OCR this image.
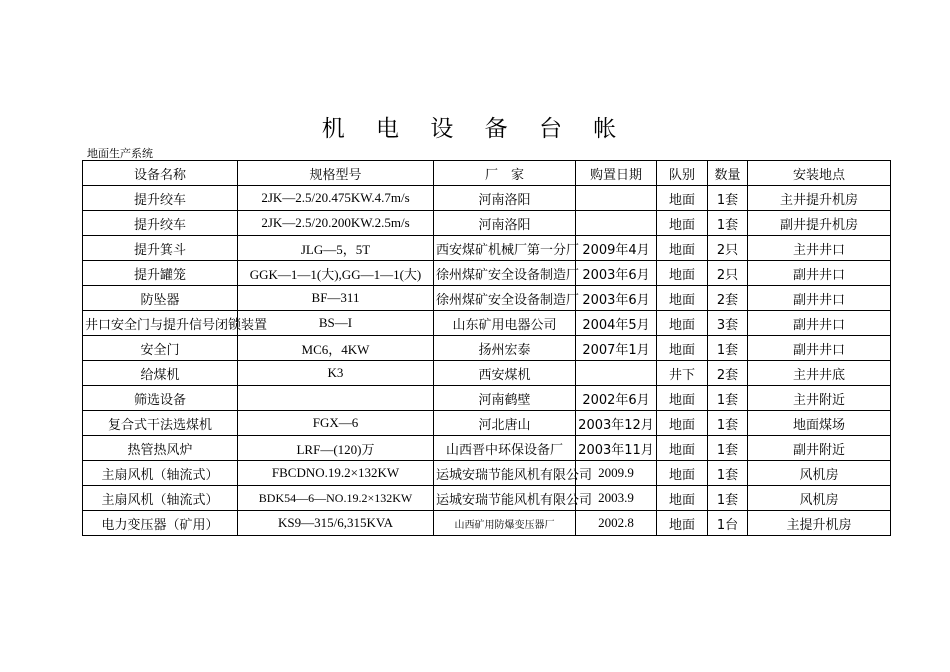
机 电 设 备 台 帐
地面生产系统
设备名称	规格型号	厂　家	购置日期	队别	数量	安装地点
提升绞车	2JK—2.5/20.475KW.4.7m/s	河南洛阳		地面	1套	主井提升机房
提升绞车	2JK—2.5/20.200KW.2.5m/s	河南洛阳		地面	1套	副井提升机房
提升箕斗	JLG—5，5T	西安煤矿机械厂第一分厂	2009年4月	地面	2只	主井井口
提升罐笼	GGK—1—1(大),GG—1—1(大)	徐州煤矿安全设备制造厂	2003年6月	地面	2只	副井井口
防坠器	BF—311	徐州煤矿安全设备制造厂	2003年6月	地面	2套	副井井口
井口安全门与提升信号闭锁装置	BS—I	山东矿用电器公司	2004年5月	地面	3套	副井井口
安全门	MC6，4KW	扬州宏泰	2007年1月	地面	1套	副井井口
给煤机	K3	西安煤机		井下	2套	主井井底
筛选设备		河南鹤壁	2002年6月	地面	1套	主井附近
复合式干法选煤机	FGX—6	河北唐山	2003年12月	地面	1套	地面煤场
热管热风炉	LRF—(120)万	山西晋中环保设备厂	2003年11月	地面	1套	副井附近
主扇风机（轴流式）	FBCDNO.19.2×132KW	运城安瑞节能风机有限公司	2009.9	地面	1套	风机房
主扇风机（轴流式）	BDK54—6—NO.19.2×132KW	运城安瑞节能风机有限公司	2003.9	地面	1套	风机房
电力变压器（矿用）	KS9—315/6,315KVA	山西矿用防爆变压器厂	2002.8	地面	1台	主提升机房
